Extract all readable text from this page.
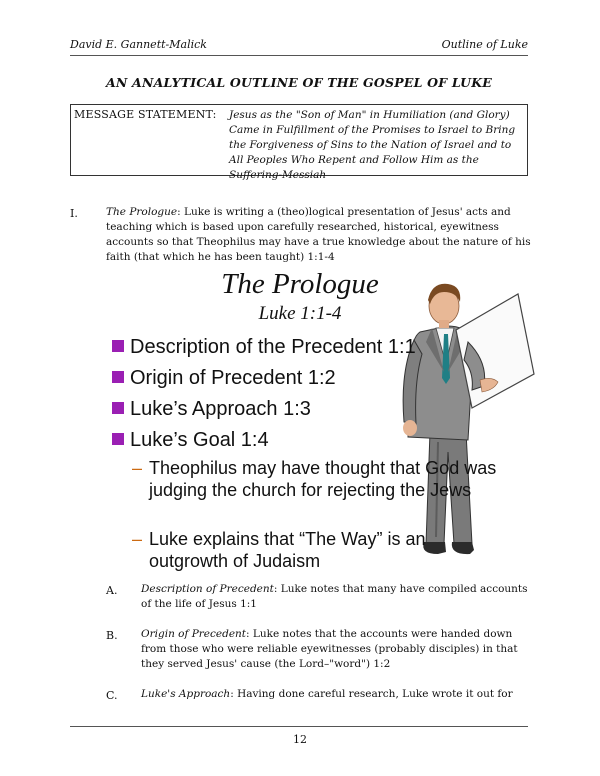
David E. Gannett-Malick	Outline of Luke
AN ANALYTICAL OUTLINE OF THE GOSPEL OF LUKE
MESSAGE STATEMENT: Jesus as the "Son of Man" in Humiliation (and Glory) Came in Fulfillment of the Promises to Israel to Bring the Forgiveness of Sins to the Nation of Israel and to All Peoples Who Repent and Follow Him as the Suffering-Messiah
I.	The Prologue: Luke is writing a (theo)logical presentation of Jesus' acts and teaching which is based upon carefully researched, historical, eyewitness accounts so that Theophilus may have a true knowledge about the nature of his faith (that which he has been taught) 1:1-4
The Prologue
Luke 1:1-4
Description of the Precedent 1:1
Origin of Precedent 1:2
Luke’s Approach 1:3
Luke’s Goal 1:4
– Theophilus may have thought that God was judging the church for rejecting the Jews
– Luke explains that “The Way” is an outgrowth of Judaism
A. Description of Precedent: Luke notes that many have compiled accounts of the life of Jesus 1:1
B. Origin of Precedent: Luke notes that the accounts were handed down from those who were reliable eyewitnesses (probably disciples) in that they served Jesus' cause (the Lord–"word") 1:2
C. Luke's Approach: Having done careful research, Luke wrote it out for
12
